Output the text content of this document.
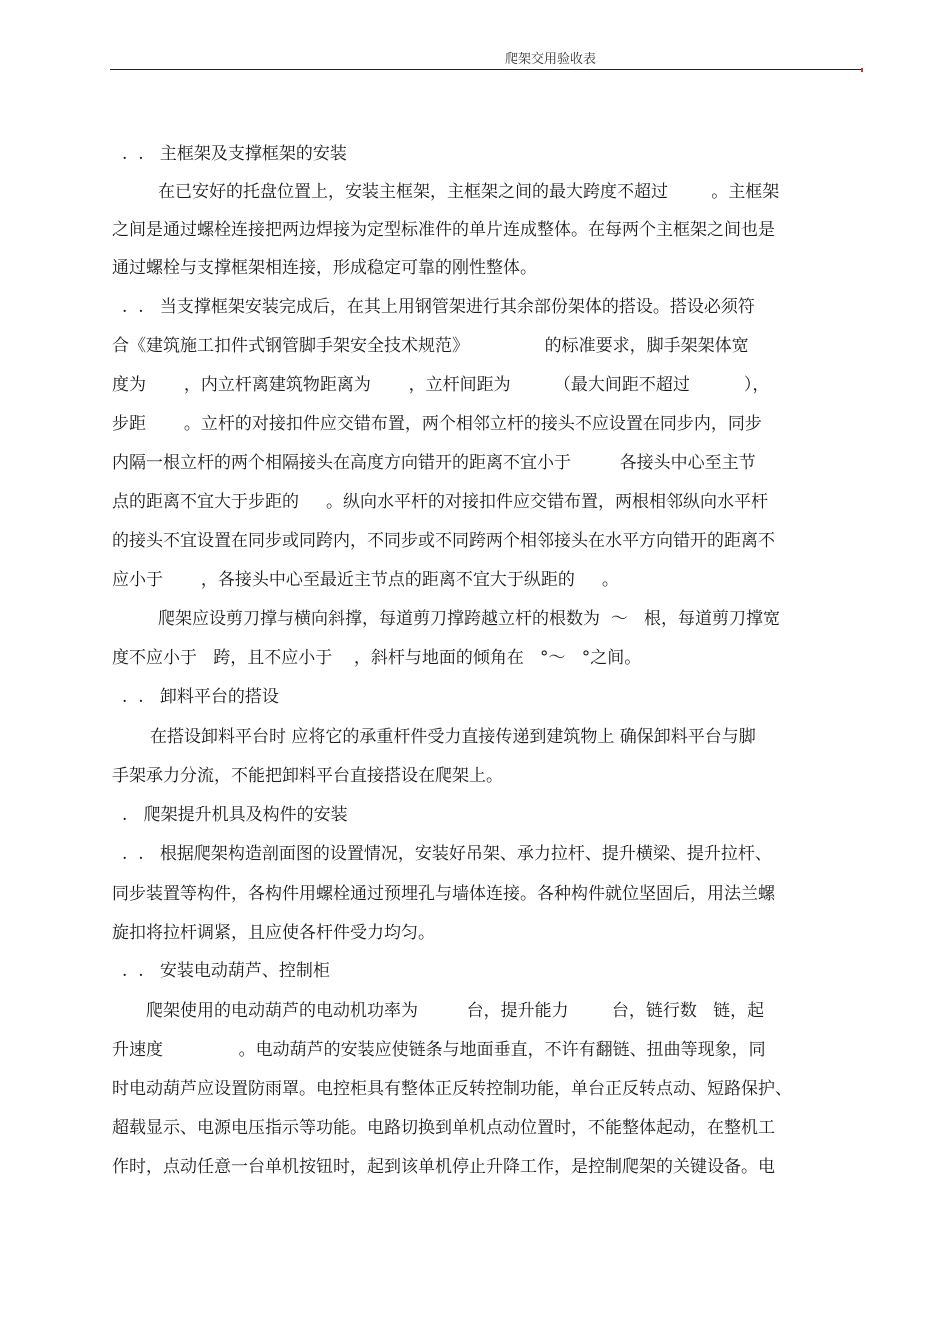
爬架交用验收表
.  .   主框架及支撑框架的安装
在已安好的托盘位置上，安装主框架，主框架之间的最大跨度不超过        。主框架
之间是通过螺栓连接把两边焊接为定型标准件的单片连成整体。在每两个主框架之间也是
通过螺栓与支撑框架相连接，形成稳定可靠的刚性整体。
.  .   当支撑框架安装完成后，在其上用钢管架进行其余部份架体的搭设。搭设必须符
合《建筑施工扣件式钢管脚手架安全技术规范》              的标准要求，脚手架架体宽
度为       ，内立杆离建筑物距离为       ，立杆间距为        （最大间距不超过          ），
步距       。立杆的对接扣件应交错布置，两个相邻立杆的接头不应设置在同步内，同步
内隔一根立杆的两个相隔接头在高度方向错开的距离不宜小于         各接头中心至主节
点的距离不宜大于步距的     。纵向水平杆的对接扣件应交错布置，两根相邻纵向水平杆
的接头不宜设置在同步或同跨内，不同步或不同跨两个相邻接头在水平方向错开的距离不
应小于       ，各接头中心至最近主节点的距离不宜大于纵距的     。
爬架应设剪刀撑与横向斜撑，每道剪刀撑跨越立杆的根数为  ～   根，每道剪刀撑宽
度不应小于   跨，且不应小于    ，斜杆与地面的倾角在   °～   °之间。
.  .   卸料平台的搭设
在搭设卸料平台时 应将它的承重杆件受力直接传递到建筑物上 确保卸料平台与脚
手架承力分流，不能把卸料平台直接搭设在爬架上。
.   爬架提升机具及构件的安装
.  .   根据爬架构造剖面图的设置情况，安装好吊架、承力拉杆、提升横梁、提升拉杆、
同步装置等构件，各构件用螺栓通过预埋孔与墙体连接。各种构件就位坚固后，用法兰螺
旋扣将拉杆调紧，且应使各杆件受力均匀。
.  .   安装电动葫芦、控制柜
爬架使用的电动葫芦的电动机功率为         台，提升能力        台，链行数   链，起
升速度              。电动葫芦的安装应使链条与地面垂直，不许有翻链、扭曲等现象，同
时电动葫芦应设置防雨罩。电控柜具有整体正反转控制功能，单台正反转点动、短路保护、
超载显示、电源电压指示等功能。电路切换到单机点动位置时，不能整体起动，在整机工
作时，点动任意一台单机按钮时，起到该单机停止升降工作，是控制爬架的关键设备。电
